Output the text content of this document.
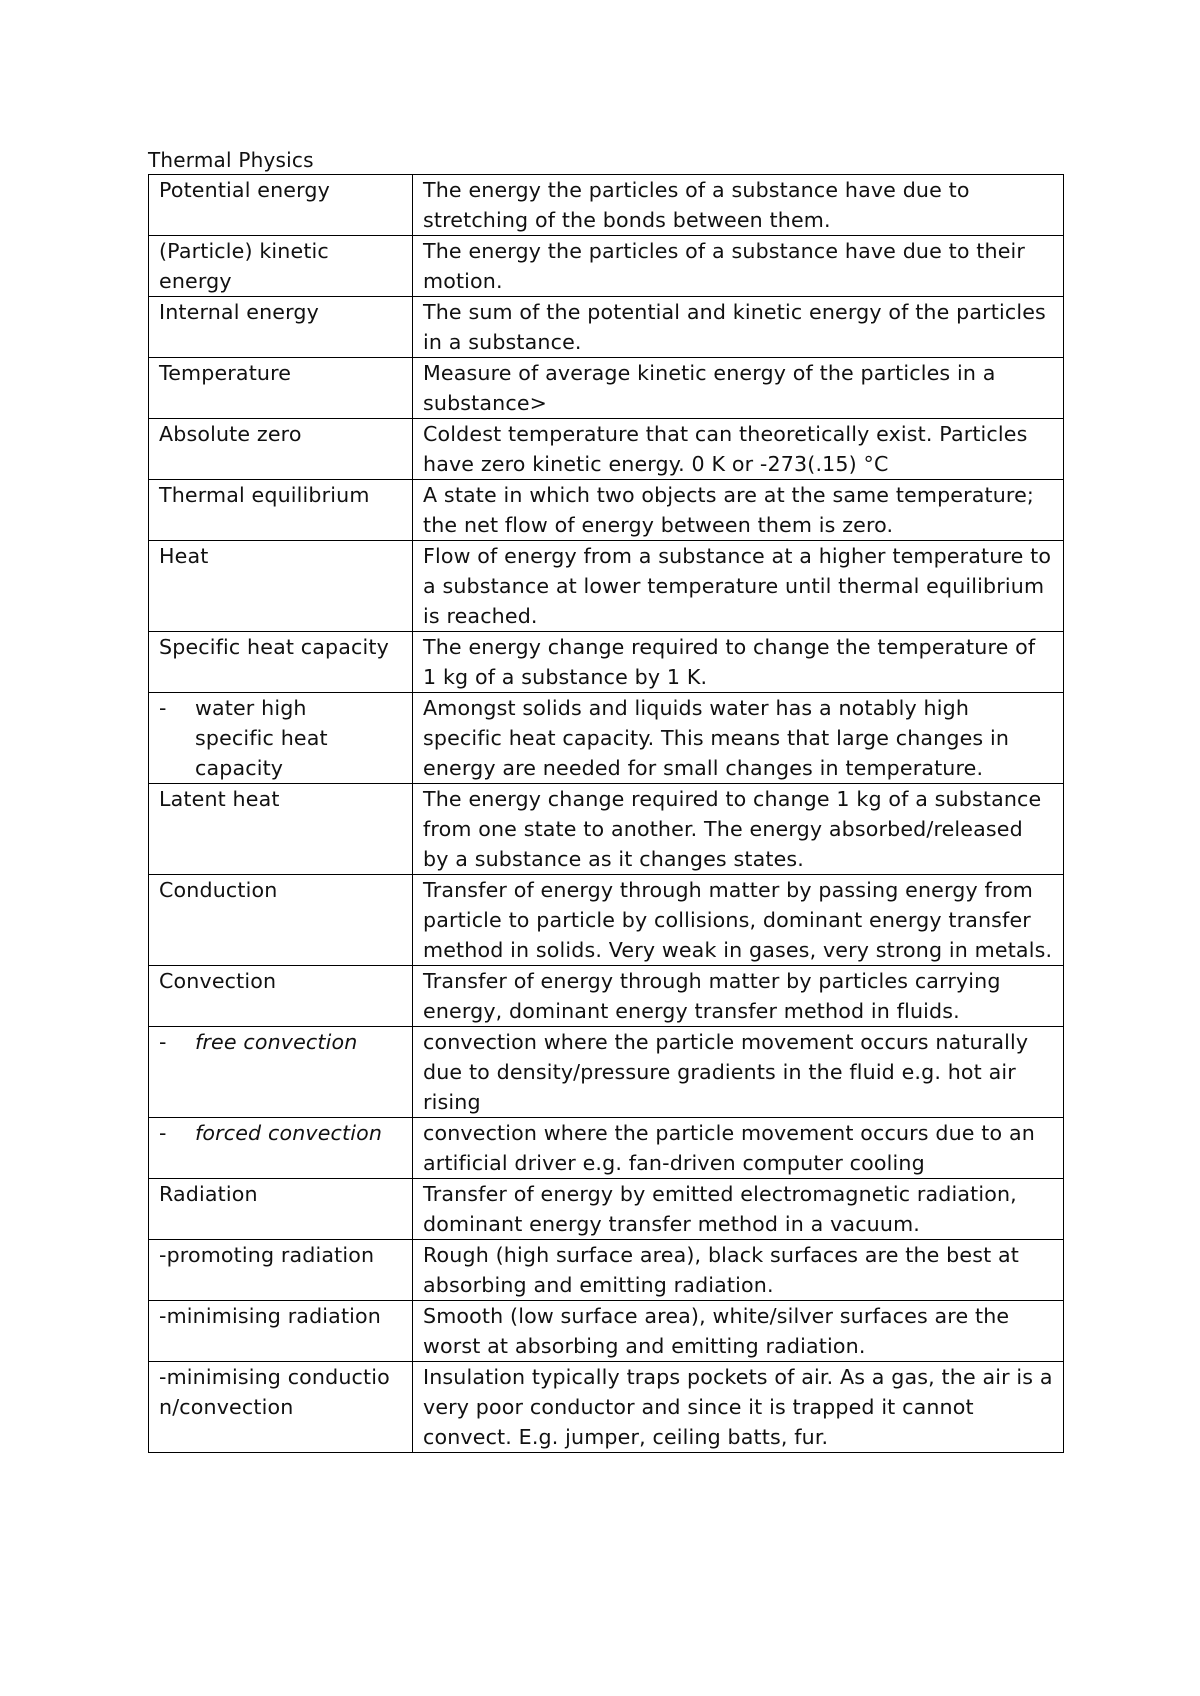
Thermal Physics
Potential energy	The energy the particles of a substance have due to stretching of the bonds between them.
(Particle) kinetic energy	The energy the particles of a substance have due to their motion.
Internal energy	The sum of the potential and kinetic energy of the particles in a substance.
Temperature	Measure of average kinetic energy of the particles in a substance>
Absolute zero	Coldest temperature that can theoretically exist. Particles have zero kinetic energy. 0 K or -273(.15) °C
Thermal equilibrium	A state in which two objects are at the same temperature; the net flow of energy between them is zero.
Heat	Flow of energy from a substance at a higher temperature to a substance at lower temperature until thermal equilibrium is reached.
Specific heat capacity	The energy change required to change the temperature of 1 kg of a substance by 1 K.
- water high specific heat capacity	Amongst solids and liquids water has a notably high specific heat capacity. This means that large changes in energy are needed for small changes in temperature.
Latent heat	The energy change required to change 1 kg of a substance from one state to another. The energy absorbed/released by a substance as it changes states.
Conduction	Transfer of energy through matter by passing energy from particle to particle by collisions, dominant energy transfer method in solids. Very weak in gases, very strong in metals.
Convection	Transfer of energy through matter by particles carrying energy, dominant energy transfer method in fluids.
- free convection	convection where the particle movement occurs naturally due to density/pressure gradients in the fluid e.g. hot air rising
- forced convection	convection where the particle movement occurs due to an artificial driver e.g. fan-driven computer cooling
Radiation	Transfer of energy by emitted electromagnetic radiation, dominant energy transfer method in a vacuum.
-promoting radiation	Rough (high surface area), black surfaces are the best at absorbing and emitting radiation.
-minimising radiation	Smooth (low surface area), white/silver surfaces are the worst at absorbing and emitting radiation.
-minimising conduction/convection	Insulation typically traps pockets of air. As a gas, the air is a very poor conductor and since it is trapped it cannot convect. E.g. jumper, ceiling batts, fur.
